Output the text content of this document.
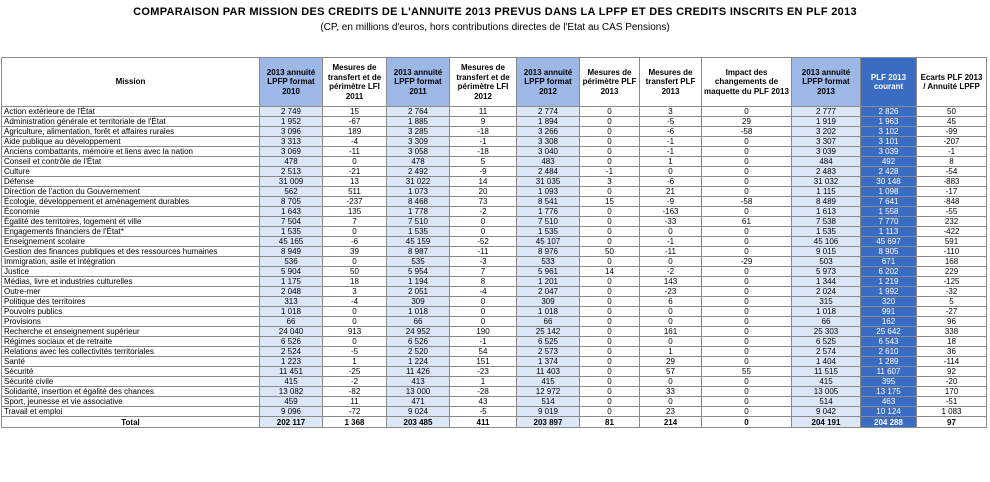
COMPARAISON PAR MISSION DES CREDITS DE L'ANNUITE 2013 PREVUS DANS LA LPFP ET DES CREDITS INSCRITS EN PLF 2013
(CP, en millions d'euros, hors contributions directes de l'Etat au CAS Pensions)
Mission	2013 annuité LPFP format 2010	Mesures de transfert et de périmètre LFI 2011	2013 annuité LPFP format 2011	Mesures de transfert et de périmètre LFI 2012	2013 annuité LPFP format 2012	Mesures de périmètre PLF 2013	Mesures de transfert PLF 2013	Impact des changements de maquette du PLF 2013	2013 annuité LPFP format 2013	PLF 2013 courant	Ecarts PLF 2013 / Annuité LPFP
Action extérieure de l'État	2 749	15	2 764	11	2 774	0	3	0	2 777	2 826	50
Administration générale et territoriale de l'État	1 952	-67	1 885	9	1 894	0	-5	29	1 919	1 963	45
Agriculture, alimentation, forêt et affaires rurales	3 096	189	3 285	-18	3 266	0	-6	-58	3 202	3 102	-99
Aide publique au développement	3 313	-4	3 309	-1	3 308	0	-1	0	3 307	3 101	-207
Anciens combattants, mémoire et liens avec la nation	3 069	-11	3 058	-18	3 040	0	-1	0	3 039	3 039	-1
Conseil et contrôle de l'État	478	0	478	5	483	0	1	0	484	492	8
Culture	2 513	-21	2 492	-9	2 484	-1	0	0	2 483	2 428	-54
Défense	31 009	13	31 022	14	31 035	3	-6	0	31 032	30 148	-883
Direction de l'action du Gouvernement	562	511	1 073	20	1 093	0	21	0	1 115	1 098	-17
Écologie, développement et aménagement durables	8 705	-237	8 468	73	8 541	15	-9	-58	8 489	7 641	-848
Économie	1 643	135	1 778	-2	1 776	0	-163	0	1 613	1 558	-55
Égalité des territoires, logement et ville	7 504	7	7 510	0	7 510	0	-33	61	7 538	7 770	232
Engagements financiers de l'État*	1 535	0	1 535	0	1 535	0	0	0	1 535	1 113	-422
Enseignement scolaire	45 165	-6	45 159	-52	45 107	0	-1	0	45 106	45 697	591
Gestion des finances publiques et des ressources humaines	8 949	39	8 987	-11	8 976	50	-11	0	9 015	8 905	-110
Immigration, asile et intégration	536	0	535	-3	533	0	0	-29	503	671	168
Justice	5 904	50	5 954	7	5 961	14	-2	0	5 973	6 202	229
Médias, livre et industries culturelles	1 175	18	1 194	8	1 201	0	143	0	1 344	1 219	-125
Outre-mer	2 048	3	2 051	-4	2 047	0	-23	0	2 024	1 992	-32
Politique des territoires	313	-4	309	0	309	0	6	0	315	320	5
Pouvoirs publics	1 018	0	1 018	0	1 018	0	0	0	1 018	991	-27
Provisions	66	0	66	0	66	0	0	0	66	162	96
Recherche et enseignement supérieur	24 040	913	24 952	190	25 142	0	161	0	25 303	25 642	338
Régimes sociaux et de retraite	6 526	0	6 526	-1	6 525	0	0	0	6 525	6 543	18
Relations avec les collectivités territoriales	2 524	-5	2 520	54	2 573	0	1	0	2 574	2 610	36
Santé	1 223	1	1 224	151	1 374	0	29	0	1 404	1 289	-114
Sécurité	11 451	-25	11 426	-23	11 403	0	57	55	11 515	11 607	92
Sécurité civile	415	-2	413	1	415	0	0	0	415	395	-20
Solidarité, insertion et égalité des chances	13 082	-82	13 000	-28	12 972	0	33	0	13 005	13 175	170
Sport, jeunesse et vie associative	459	11	471	43	514	0	0	0	514	463	-51
Travail et emploi	9 096	-72	9 024	-5	9 019	0	23	0	9 042	10 124	1 083
Total	202 117	1 368	203 485	411	203 897	81	214	0	204 191	204 288	97
